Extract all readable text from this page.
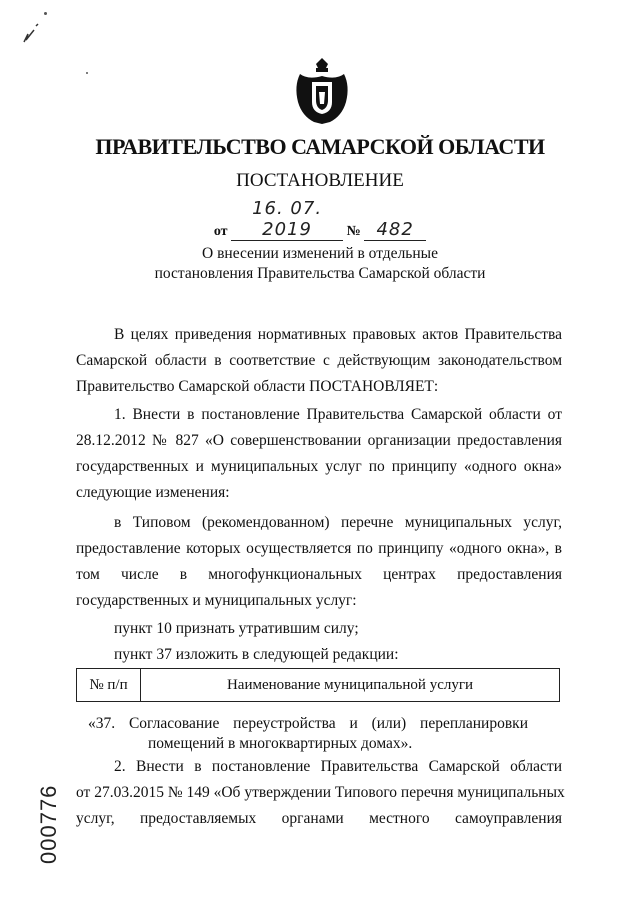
ПРАВИТЕЛЬСТВО САМАРСКОЙ ОБЛАСТИ
ПОСТАНОВЛЕНИЕ
от 16. 07. 2019 № 482
О внесении изменений в отдельные
постановления Правительства Самарской области
В целях приведения нормативных правовых актов Правительства
Самарской области в соответствие с действующим законодательством
Правительство Самарской области ПОСТАНОВЛЯЕТ:
1. Внести в постановление Правительства Самарской области от
28.12.2012 № 827 «О совершенствовании организации предоставления
государственных и муниципальных услуг по принципу «одного окна»
следующие изменения:
в Типовом (рекомендованном) перечне муниципальных услуг,
предоставление которых осуществляется по принципу «одного окна», в
том числе в многофункциональных центрах предоставления
государственных и муниципальных услуг:
пункт 10 признать утратившим силу;
пункт 37 изложить в следующей редакции:
№ п/п	Наименование муниципальной услуги
«37. Согласование переустройства и (или) перепланировки
помещений в многоквартирных домах».
2. Внести в постановление Правительства Самарской области
от 27.03.2015 № 149 «Об утверждении Типового перечня муниципальных
услуг, предоставляемых органами местного самоуправления
000776
